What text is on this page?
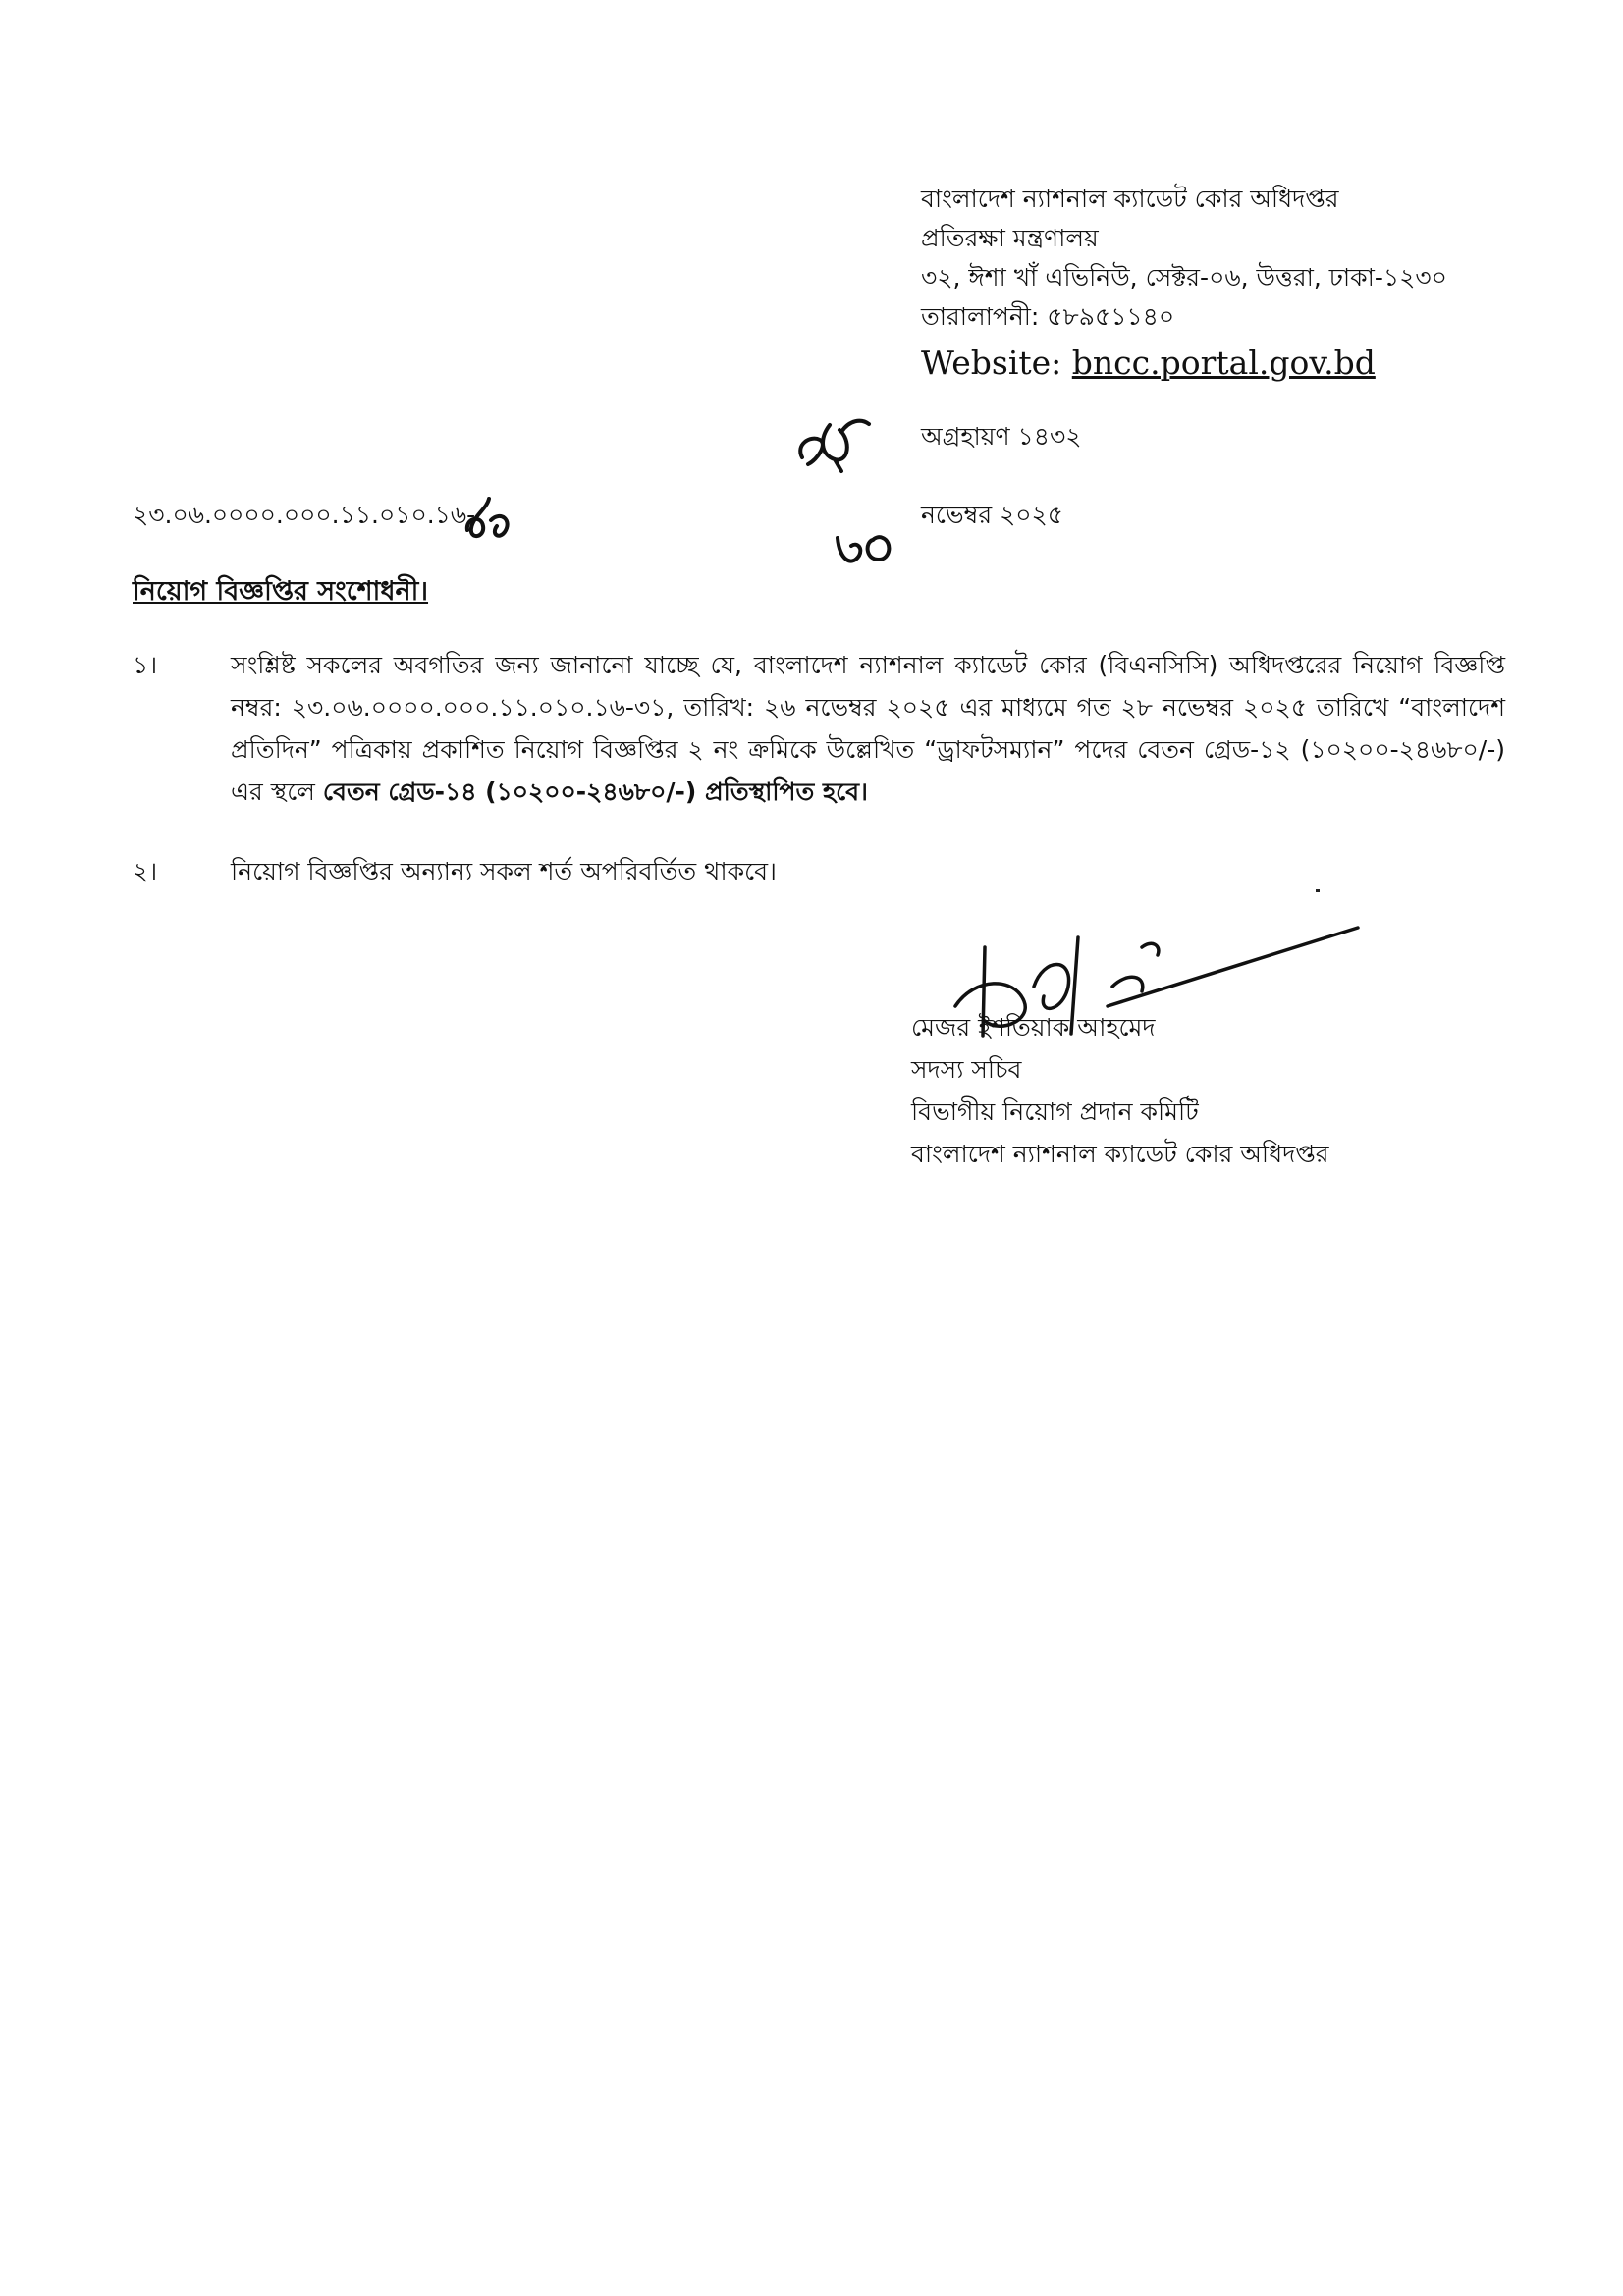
বাংলাদেশ ন্যাশনাল ক্যাডেট কোর অধিদপ্তর
প্রতিরক্ষা মন্ত্রণালয়
৩২, ঈশা খাঁ এভিনিউ, সেক্টর-০৬, উত্তরা, ঢাকা-১২৩০
তারালাপনী: ৫৮৯৫১১৪০
Website: bncc.portal.gov.bd
অগ্রহায়ণ ১৪৩২
নভেম্বর ২০২৫
২৩.০৬.০০০০.০০০.১১.০১০.১৬-
নিয়োগ বিজ্ঞপ্তির সংশোধনী।
১।	সংশ্লিষ্ট সকলের অবগতির জন্য জানানো যাচ্ছে যে, বাংলাদেশ ন্যাশনাল ক্যাডেট কোর (বিএনসিসি) অধিদপ্তরের নিয়োগ বিজ্ঞপ্তি নম্বর: ২৩.০৬.০০০০.০০০.১১.০১০.১৬-৩১, তারিখ: ২৬ নভেম্বর ২০২৫ এর মাধ্যমে গত ২৮ নভেম্বর ২০২৫ তারিখে “বাংলাদেশ প্রতিদিন” পত্রিকায় প্রকাশিত নিয়োগ বিজ্ঞপ্তির ২ নং ক্রমিকে উল্লেখিত “ড্রাফটসম্যান” পদের বেতন গ্রেড-১২ (১০২০০-২৪৬৮০/-) এর স্থলে বেতন গ্রেড-১৪ (১০২০০-২৪৬৮০/-) প্রতিস্থাপিত হবে।
২।	নিয়োগ বিজ্ঞপ্তির অন্যান্য সকল শর্ত অপরিবর্তিত থাকবে।
মেজর ইশতিয়াক আহমেদ
সদস্য সচিব
বিভাগীয় নিয়োগ প্রদান কমিটি
বাংলাদেশ ন্যাশনাল ক্যাডেট কোর অধিদপ্তর
